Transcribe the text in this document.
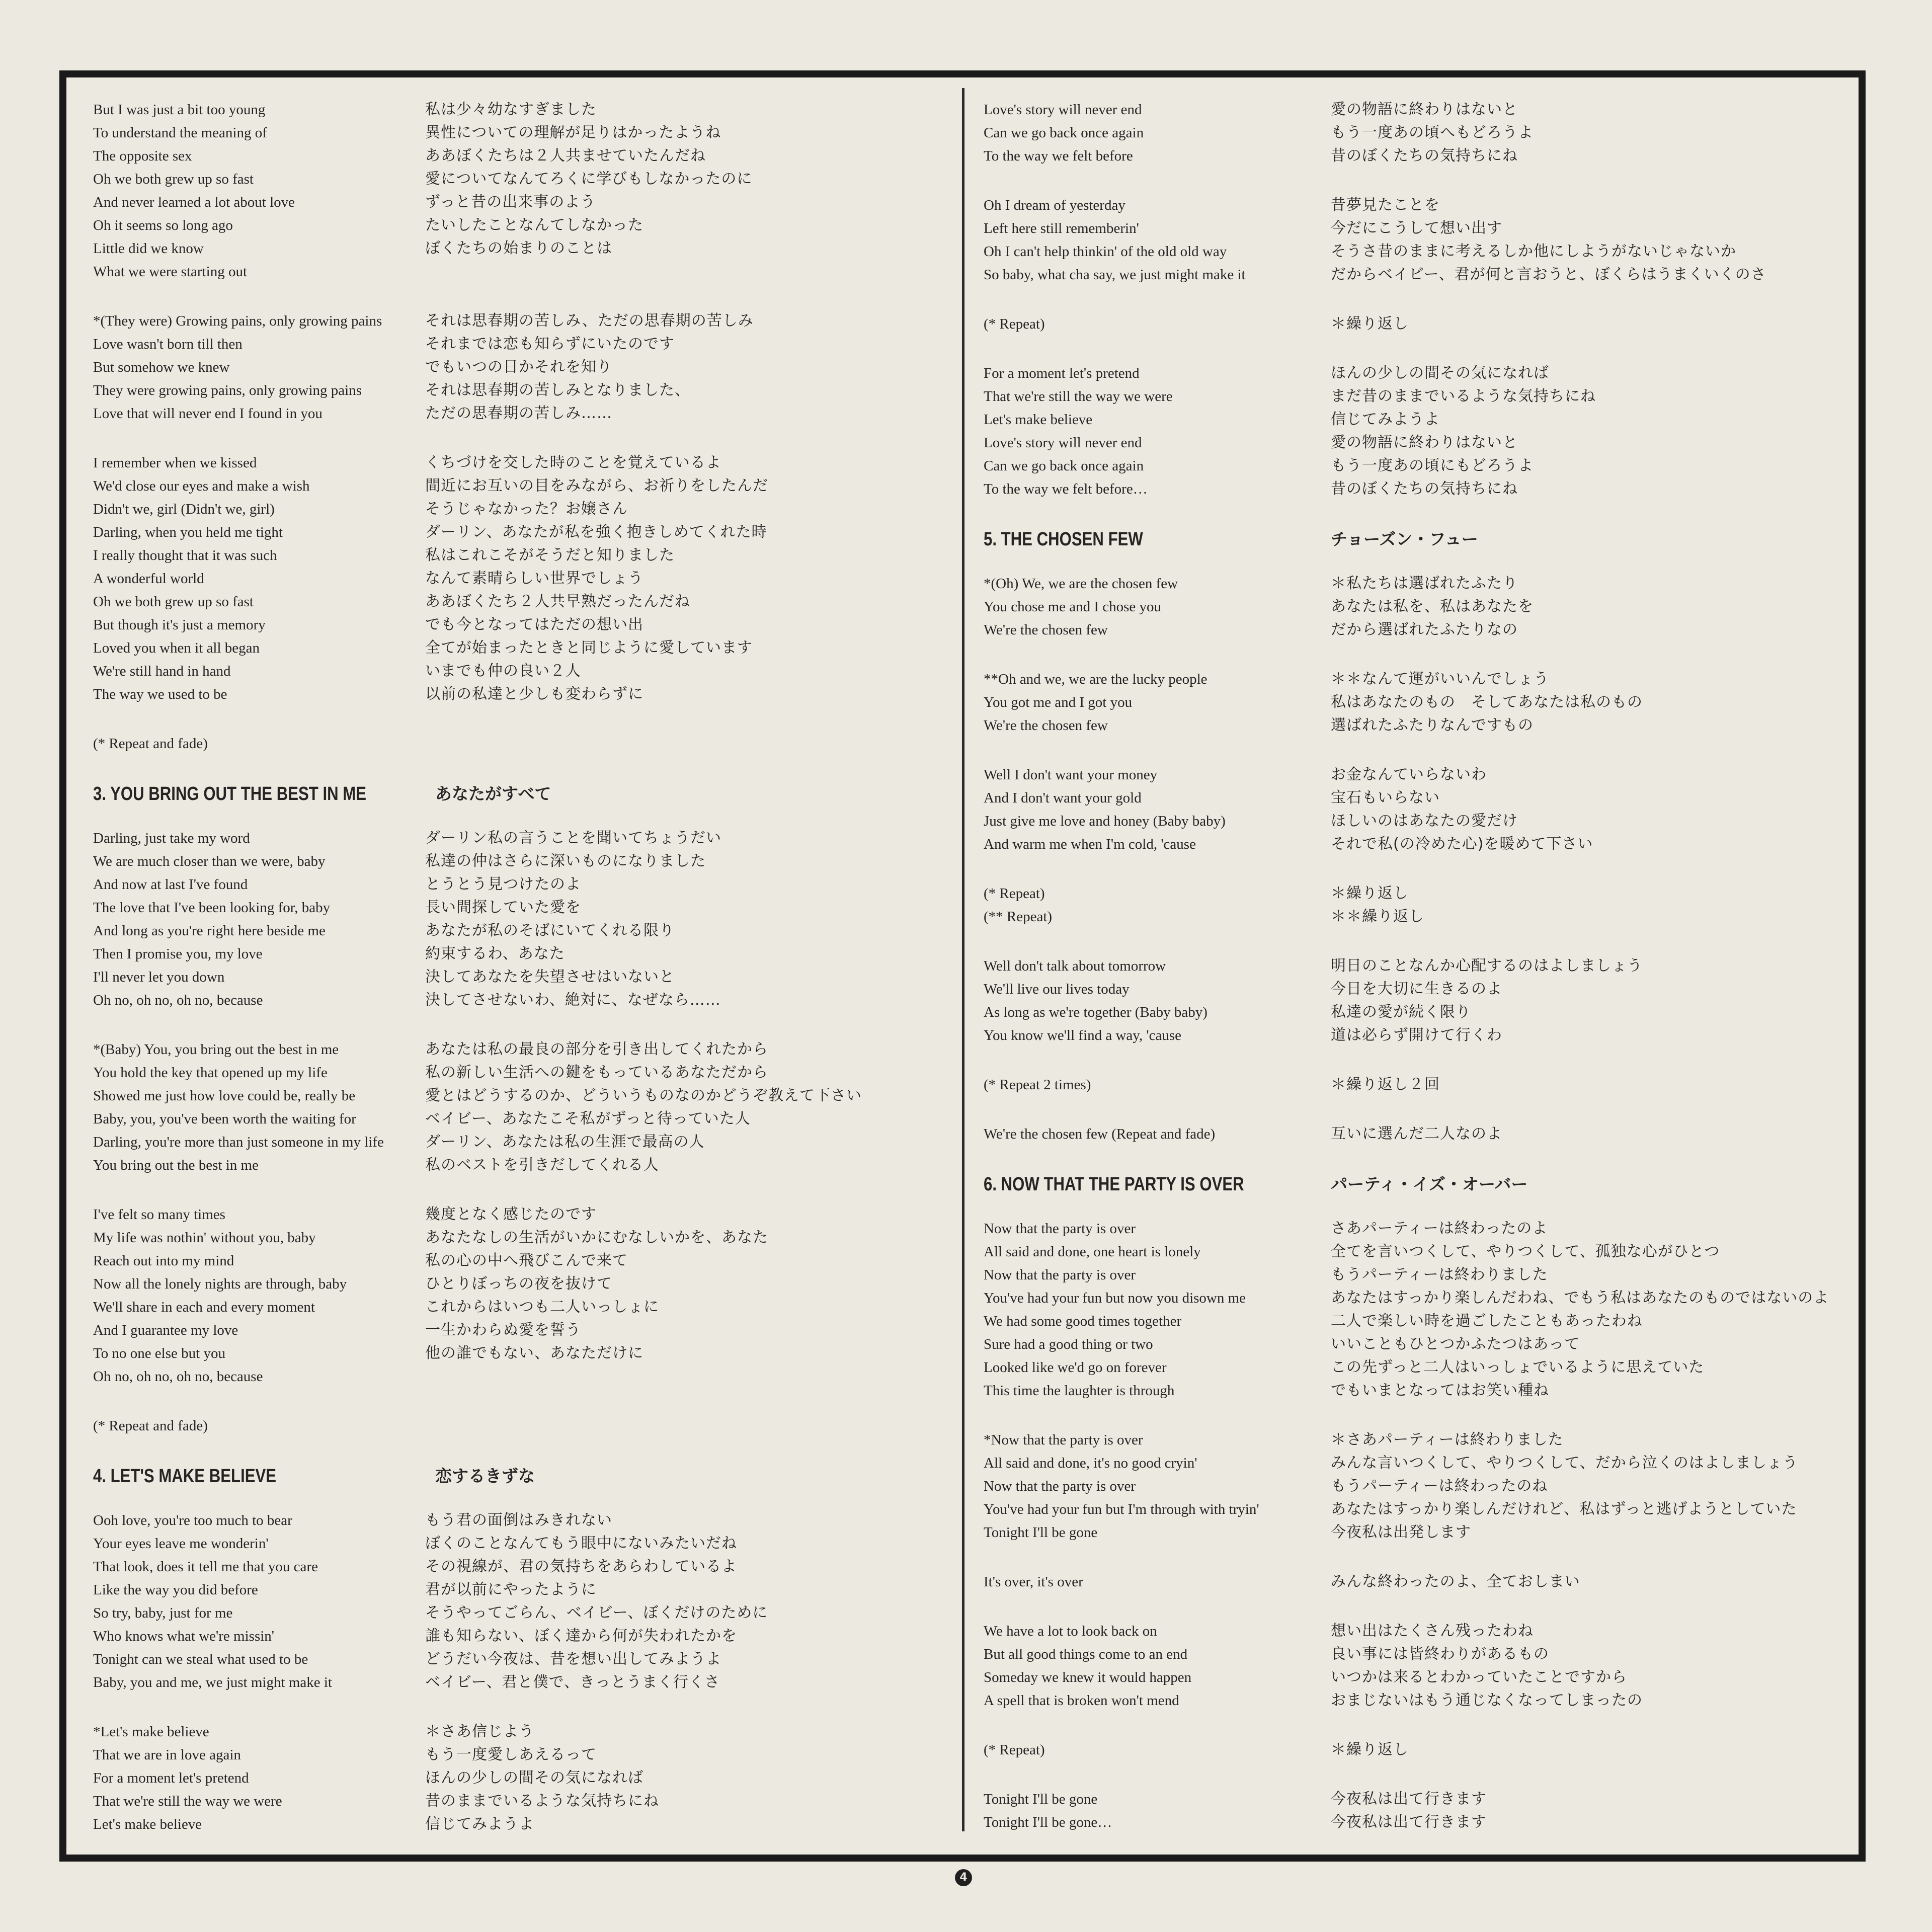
But I was just a bit too young	私は少々幼なすぎました
To understand the meaning of	異性についての理解が足りはかったようね
The opposite sex	ああぼくたちは２人共ませていたんだね
Oh we both grew up so fast	愛についてなんてろくに学びもしなかったのに
And never learned a lot about love	ずっと昔の出来事のよう
Oh it seems so long ago	たいしたことなんてしなかった
Little did we know	ぼくたちの始まりのことは
What we were starting out
*(They were) Growing pains, only growing pains	それは思春期の苦しみ、ただの思春期の苦しみ
Love wasn't born till then	それまでは恋も知らずにいたのです
But somehow we knew	でもいつの日かそれを知り
They were growing pains, only growing pains	それは思春期の苦しみとなりました、
Love that will never end I found in you	ただの思春期の苦しみ……
I remember when we kissed	くちづけを交した時のことを覚えているよ
We'd close our eyes and make a wish	間近にお互いの目をみながら、お祈りをしたんだ
Didn't we, girl (Didn't we, girl)	そうじゃなかった？お嬢さん
Darling, when you held me tight	ダーリン、あなたが私を強く抱きしめてくれた時
I really thought that it was such	私はこれこそがそうだと知りました
A wonderful world	なんて素晴らしい世界でしょう
Oh we both grew up so fast	ああぼくたち２人共早熟だったんだね
But though it's just a memory	でも今となってはただの想い出
Loved you when it all began	全てが始まったときと同じように愛しています
We're still hand in hand	いまでも仲の良い２人
The way we used to be	以前の私達と少しも変わらずに
(* Repeat and fade)
3. YOU BRING OUT THE BEST IN ME	あなたがすべて
Darling, just take my word	ダーリン私の言うことを聞いてちょうだい
We are much closer than we were, baby	私達の仲はさらに深いものになりました
And now at last I've found	とうとう見つけたのよ
The love that I've been looking for, baby	長い間探していた愛を
And long as you're right here beside me	あなたが私のそばにいてくれる限り
Then I promise you, my love	約束するわ、あなた
I'll never let you down	決してあなたを失望させはいないと
Oh no, oh no, oh no, because	決してさせないわ、絶対に、なぜなら……
*(Baby) You, you bring out the best in me	あなたは私の最良の部分を引き出してくれたから
You hold the key that opened up my life	私の新しい生活への鍵をもっているあなただから
Showed me just how love could be, really be	愛とはどうするのか、どういうものなのかどうぞ教えて下さい
Baby, you, you've been worth the waiting for	ベイビー、あなたこそ私がずっと待っていた人
Darling, you're more than just someone in my life	ダーリン、あなたは私の生涯で最高の人
You bring out the best in me	私のベストを引きだしてくれる人
I've felt so many times	幾度となく感じたのです
My life was nothin' without you, baby	あなたなしの生活がいかにむなしいかを、あなた
Reach out into my mind	私の心の中へ飛びこんで来て
Now all the lonely nights are through, baby	ひとりぼっちの夜を抜けて
We'll share in each and every moment	これからはいつも二人いっしょに
And I guarantee my love	一生かわらぬ愛を誓う
To no one else but you	他の誰でもない、あなただけに
Oh no, oh no, oh no, because
(* Repeat and fade)
4. LET'S MAKE BELIEVE	恋するきずな
Ooh love, you're too much to bear	もう君の面倒はみきれない
Your eyes leave me wonderin'	ぼくのことなんてもう眼中にないみたいだね
That look, does it tell me that you care	その視線が、君の気持ちをあらわしているよ
Like the way you did before	君が以前にやったように
So try, baby, just for me	そうやってごらん、ベイビー、ぼくだけのために
Who knows what we're missin'	誰も知らない、ぼく達から何が失われたかを
Tonight can we steal what used to be	どうだい今夜は、昔を想い出してみようよ
Baby, you and me, we just might make it	ベイビー、君と僕で、きっとうまく行くさ
*Let's make believe	＊さあ信じよう
That we are in love again	もう一度愛しあえるって
For a moment let's pretend	ほんの少しの間その気になれば
That we're still the way we were	昔のままでいるような気持ちにね
Let's make believe	信じてみようよ
Love's story will never end	愛の物語に終わりはないと
Can we go back once again	もう一度あの頃へもどろうよ
To the way we felt before	昔のぼくたちの気持ちにね
Oh I dream of yesterday	昔夢見たことを
Left here still rememberin'	今だにこうして想い出す
Oh I can't help thinkin' of the old old way	そうさ昔のままに考えるしか他にしようがないじゃないか
So baby, what cha say, we just might make it	だからベイビー、君が何と言おうと、ぼくらはうまくいくのさ
(* Repeat)	＊繰り返し
For a moment let's pretend	ほんの少しの間その気になれば
That we're still the way we were	まだ昔のままでいるような気持ちにね
Let's make believe	信じてみようよ
Love's story will never end	愛の物語に終わりはないと
Can we go back once again	もう一度あの頃にもどろうよ
To the way we felt before…	昔のぼくたちの気持ちにね
5. THE CHOSEN FEW	チョーズン・フュー
*(Oh) We, we are the chosen few	＊私たちは選ばれたふたり
You chose me and I chose you	あなたは私を、私はあなたを
We're the chosen few	だから選ばれたふたりなの
**Oh and we, we are the lucky people	＊＊なんて運がいいんでしょう
You got me and I got you	私はあなたのもの　そしてあなたは私のもの
We're the chosen few	選ばれたふたりなんですもの
Well I don't want your money	お金なんていらないわ
And I don't want your gold	宝石もいらない
Just give me love and honey (Baby baby)	ほしいのはあなたの愛だけ
And warm me when I'm cold, 'cause	それで私(の冷めた心)を暖めて下さい
(* Repeat)	＊繰り返し
(** Repeat)	＊＊繰り返し
Well don't talk about tomorrow	明日のことなんか心配するのはよしましょう
We'll live our lives today	今日を大切に生きるのよ
As long as we're together (Baby baby)	私達の愛が続く限り
You know we'll find a way, 'cause	道は必らず開けて行くわ
(* Repeat 2 times)	＊繰り返し２回
We're the chosen few (Repeat and fade)	互いに選んだ二人なのよ
6. NOW THAT THE PARTY IS OVER	パーティ・イズ・オーバー
Now that the party is over	さあパーティーは終わったのよ
All said and done, one heart is lonely	全てを言いつくして、やりつくして、孤独な心がひとつ
Now that the party is over	もうパーティーは終わりました
You've had your fun but now you disown me	あなたはすっかり楽しんだわね、でもう私はあなたのものではないのよ
We had some good times together	二人で楽しい時を過ごしたこともあったわね
Sure had a good thing or two	いいこともひとつかふたつはあって
Looked like we'd go on forever	この先ずっと二人はいっしょでいるように思えていた
This time the laughter is through	でもいまとなってはお笑い種ね
*Now that the party is over	＊さあパーティーは終わりました
All said and done, it's no good cryin'	みんな言いつくして、やりつくして、だから泣くのはよしましょう
Now that the party is over	もうパーティーは終わったのね
You've had your fun but I'm through with tryin'	あなたはすっかり楽しんだけれど、私はずっと逃げようとしていた
Tonight I'll be gone	今夜私は出発します
It's over, it's over	みんな終わったのよ、全ておしまい
We have a lot to look back on	想い出はたくさん残ったわね
But all good things come to an end	良い事には皆終わりがあるもの
Someday we knew it would happen	いつかは来るとわかっていたことですから
A spell that is broken won't mend	おまじないはもう通じなくなってしまったの
(* Repeat)	＊繰り返し
Tonight I'll be gone	今夜私は出て行きます
Tonight I'll be gone…	今夜私は出て行きます
4
